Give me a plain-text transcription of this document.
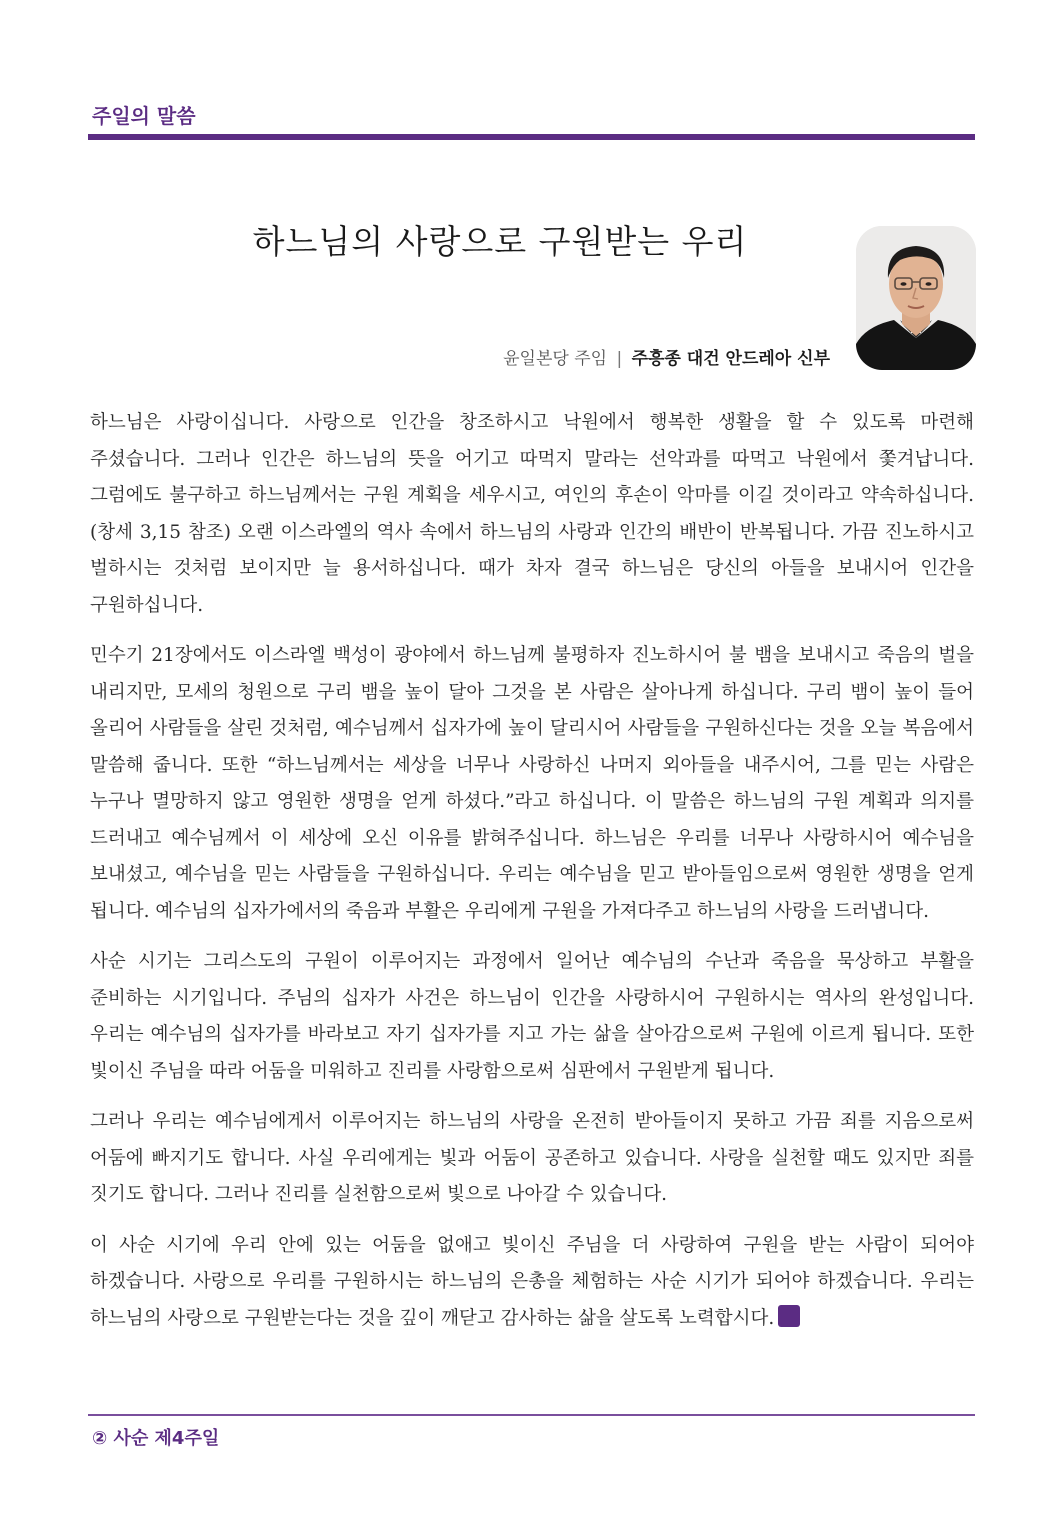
주일의 말씀
하느님의 사랑으로 구원받는 우리
윤일본당 주임 | 주흥종 대건 안드레아 신부

하느님은 사랑이십니다. 사랑으로 인간을 창조하시고 낙원에서 행복한 생활을 할 수 있도록 마련해 주셨습니다. 그러나 인간은 하느님의 뜻을 어기고 따먹지 말라는 선악과를 따먹고 낙원에서 쫓겨납니다. 그럼에도 불구하고 하느님께서는 구원 계획을 세우시고, 여인의 후손이 악마를 이길 것이라고 약속하십니다.(창세 3,15 참조) 오랜 이스라엘의 역사 속에서 하느님의 사랑과 인간의 배반이 반복됩니다. 가끔 진노하시고 벌하시는 것처럼 보이지만 늘 용서하십니다. 때가 차자 결국 하느님은 당신의 아들을 보내시어 인간을 구원하십니다.

민수기 21장에서도 이스라엘 백성이 광야에서 하느님께 불평하자 진노하시어 불 뱀을 보내시고 죽음의 벌을 내리지만, 모세의 청원으로 구리 뱀을 높이 달아 그것을 본 사람은 살아나게 하십니다. 구리 뱀이 높이 들어 올리어 사람들을 살린 것처럼, 예수님께서 십자가에 높이 달리시어 사람들을 구원하신다는 것을 오늘 복음에서 말씀해 줍니다. 또한 “하느님께서는 세상을 너무나 사랑하신 나머지 외아들을 내주시어, 그를 믿는 사람은 누구나 멸망하지 않고 영원한 생명을 얻게 하셨다.”라고 하십니다. 이 말씀은 하느님의 구원 계획과 의지를 드러내고 예수님께서 이 세상에 오신 이유를 밝혀주십니다. 하느님은 우리를 너무나 사랑하시어 예수님을 보내셨고, 예수님을 믿는 사람들을 구원하십니다. 우리는 예수님을 믿고 받아들임으로써 영원한 생명을 얻게 됩니다. 예수님의 십자가에서의 죽음과 부활은 우리에게 구원을 가져다주고 하느님의 사랑을 드러냅니다.

사순 시기는 그리스도의 구원이 이루어지는 과정에서 일어난 예수님의 수난과 죽음을 묵상하고 부활을 준비하는 시기입니다. 주님의 십자가 사건은 하느님이 인간을 사랑하시어 구원하시는 역사의 완성입니다. 우리는 예수님의 십자가를 바라보고 자기 십자가를 지고 가는 삶을 살아감으로써 구원에 이르게 됩니다. 또한 빛이신 주님을 따라 어둠을 미워하고 진리를 사랑함으로써 심판에서 구원받게 됩니다.

그러나 우리는 예수님에게서 이루어지는 하느님의 사랑을 온전히 받아들이지 못하고 가끔 죄를 지음으로써 어둠에 빠지기도 합니다. 사실 우리에게는 빛과 어둠이 공존하고 있습니다. 사랑을 실천할 때도 있지만 죄를 짓기도 합니다. 그러나 진리를 실천함으로써 빛으로 나아갈 수 있습니다.

이 사순 시기에 우리 안에 있는 어둠을 없애고 빛이신 주님을 더 사랑하여 구원을 받는 사람이 되어야 하겠습니다. 사랑으로 우리를 구원하시는 하느님의 은총을 체험하는 사순 시기가 되어야 하겠습니다. 우리는 하느님의 사랑으로 구원받는다는 것을 깊이 깨닫고 감사하는 삶을 살도록 노력합시다.

② 사순 제4주일
